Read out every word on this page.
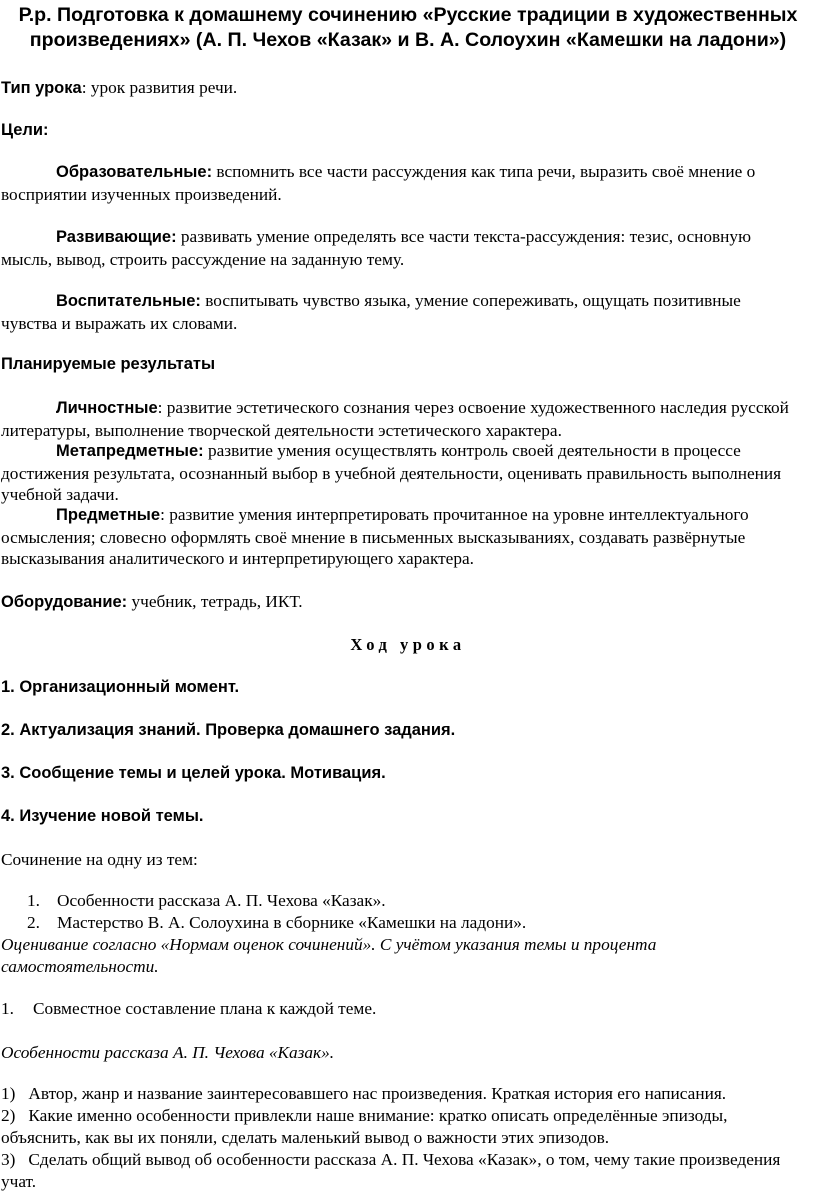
Р.р. Подготовка к домашнему сочинению «Русские традиции в художественных произведениях» (А. П. Чехов «Казак» и В. А. Солоухин «Камешки на ладони»)
Тип урока: урок развития речи.
Цели:
Образовательные: вспомнить все части рассуждения как типа речи, выразить своё мнение о восприятии изученных произведений.
Развивающие: развивать умение определять все части текста-рассуждения: тезис, основную мысль, вывод, строить рассуждение на заданную тему.
Воспитательные: воспитывать чувство языка, умение сопереживать, ощущать позитивные чувства и выражать их словами.
Планируемые результаты
Личностные: развитие эстетического сознания через освоение художественного наследия русской литературы, выполнение творческой деятельности эстетического характера.
Метапредметные: развитие умения осуществлять контроль своей деятельности в процессе достижения результата, осознанный выбор в учебной деятельности, оценивать правильность выполнения учебной задачи.
Предметные: развитие умения интерпретировать прочитанное на уровне интеллектуального осмысления; словесно оформлять своё мнение в письменных высказываниях, создавать развёрнутые высказывания аналитического и интерпретирующего характера.
Оборудование: учебник, тетрадь, ИКТ.
Ход урока
1. Организационный момент.
2. Актуализация знаний. Проверка домашнего задания.
3. Сообщение темы и целей урока. Мотивация.
4. Изучение новой темы.
Сочинение на одну из тем:
1. Особенности рассказа А. П. Чехова «Казак».
2. Мастерство В. А. Солоухина в сборнике «Камешки на ладони».
Оценивание согласно «Нормам оценок сочинений». С учётом указания темы и процента самостоятельности.
1. Совместное составление плана к каждой теме.
Особенности рассказа А. П. Чехова «Казак».
1) Автор, жанр и название заинтересовавшего нас произведения. Краткая история его написания.
2) Какие именно особенности привлекли наше внимание: кратко описать определённые эпизоды, объяснить, как вы их поняли, сделать маленький вывод о важности этих эпизодов.
3) Сделать общий вывод об особенности рассказа А. П. Чехова «Казак», о том, чему такие произведения учат.
